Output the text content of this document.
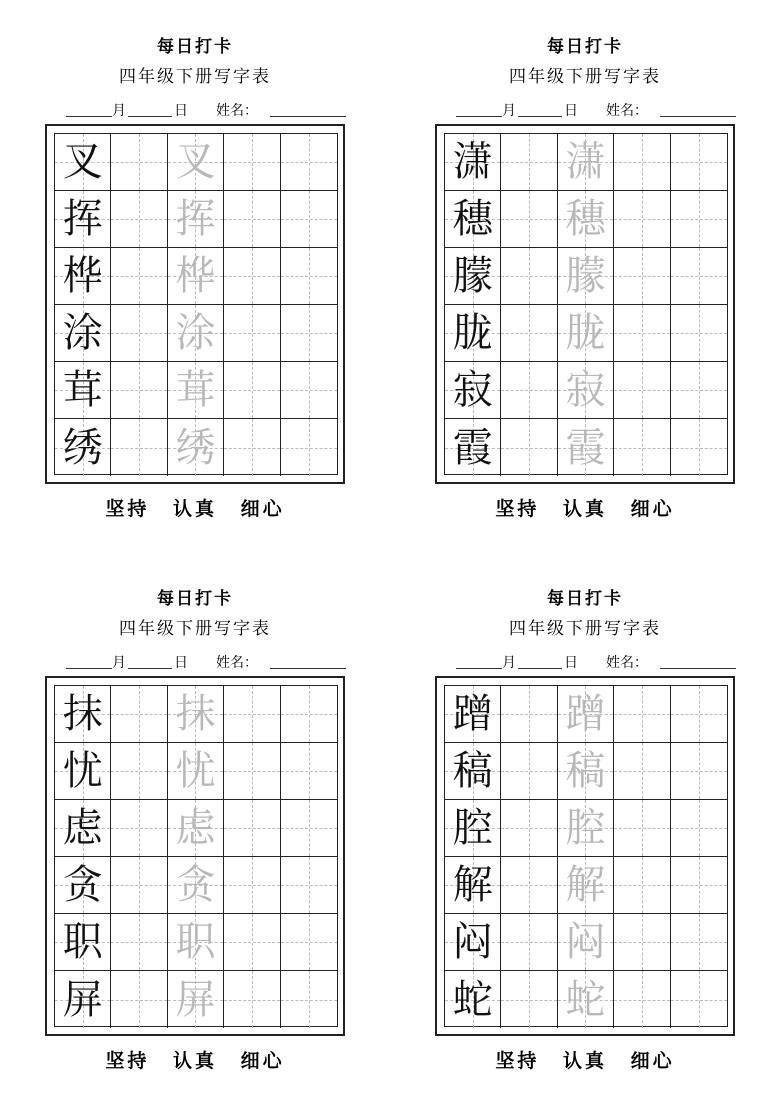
每日打卡
四年级下册写字表
月	日 姓名：
叉 叉
挥 挥
桦 桦
涂 涂
茸 茸
绣 绣
坚持 认真 细心
每日打卡
四年级下册写字表
月	日 姓名：
潇 潇
穗 穗
朦 朦
胧 胧
寂 寂
霞 霞
坚持 认真 细心
每日打卡
四年级下册写字表
月	日 姓名：
抹 抹
忧 忧
虑 虑
贪 贪
职 职
屏 屏
坚持 认真 细心
每日打卡
四年级下册写字表
月	日 姓名：
蹭 蹭
稿 稿
腔 腔
解 解
闷 闷
蛇 蛇
坚持 认真 细心
